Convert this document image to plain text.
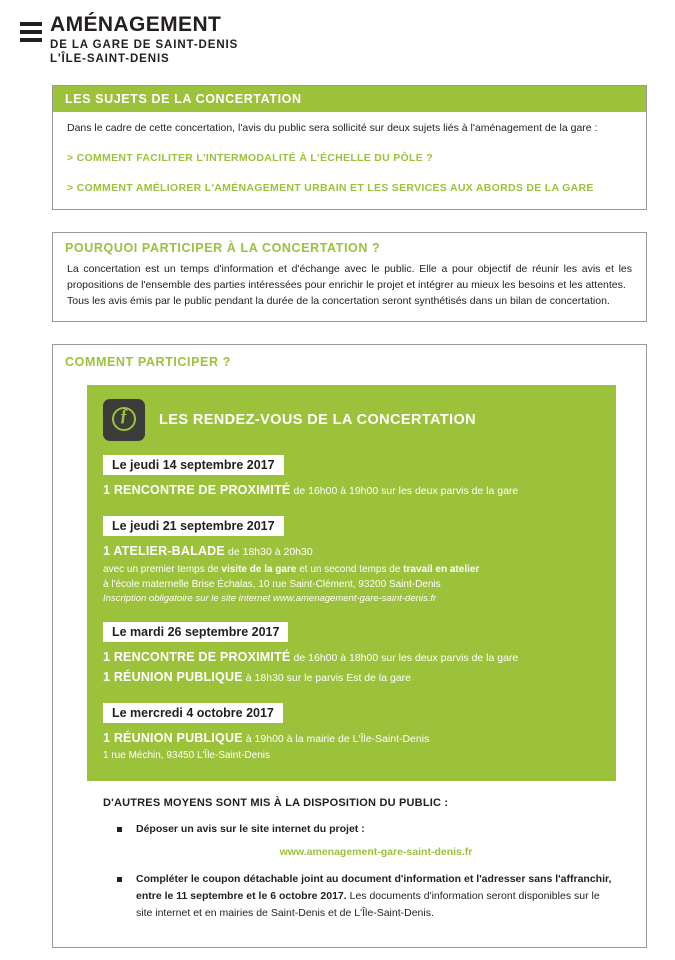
AMÉNAGEMENT
DE LA GARE DE SAINT-DENIS
L'ÎLE-SAINT-DENIS
LES SUJETS DE LA CONCERTATION
Dans le cadre de cette concertation, l'avis du public sera sollicité sur deux sujets liés à l'aménagement de la gare :
> COMMENT FACILITER L'INTERMODALITÉ À L'ÉCHELLE DU PÔLE ?
> COMMENT AMÉLIORER L'AMÉNAGEMENT URBAIN ET LES SERVICES AUX ABORDS DE LA GARE
POURQUOI PARTICIPER À LA CONCERTATION ?
La concertation est un temps d'information et d'échange avec le public. Elle a pour objectif de réunir les avis et les propositions de l'ensemble des parties intéressées pour enrichir le projet et intégrer au mieux les besoins et les attentes.
Tous les avis émis par le public pendant la durée de la concertation seront synthétisés dans un bilan de concertation.
COMMENT PARTICIPER ?
ƒ	LES RENDEZ-VOUS DE LA CONCERTATION
Le jeudi 14 septembre 2017
1 RENCONTRE DE PROXIMITÉ de 16h00 à 19h00 sur les deux parvis de la gare
Le jeudi 21 septembre 2017
1 ATELIER-BALADE de 18h30 à 20h30
avec un premier temps de visite de la gare et un second temps de travail en atelier
à l'école maternelle Brise Échalas, 10 rue Saint-Clément, 93200 Saint-Denis
Inscription obligatoire sur le site internet www.amenagement-gare-saint-denis.fr
Le mardi 26 septembre 2017
1 RENCONTRE DE PROXIMITÉ de 16h00 à 18h00 sur les deux parvis de la gare
1 RÉUNION PUBLIQUE à 18h30 sur le parvis Est de la gare
Le mercredi 4 octobre 2017
1 RÉUNION PUBLIQUE à 19h00 à la mairie de L'Île-Saint-Denis
1 rue Méchin, 93450 L'Île-Saint-Denis
D'AUTRES MOYENS SONT MIS À LA DISPOSITION DU PUBLIC :
Déposer un avis sur le site internet du projet :
www.amenagement-gare-saint-denis.fr
Compléter le coupon détachable joint au document d'information et l'adresser sans l'affranchir, entre le 11 septembre et le 6 octobre 2017. Les documents d'information seront disponibles sur le site internet et en mairies de Saint-Denis et de L'Île-Saint-Denis.
